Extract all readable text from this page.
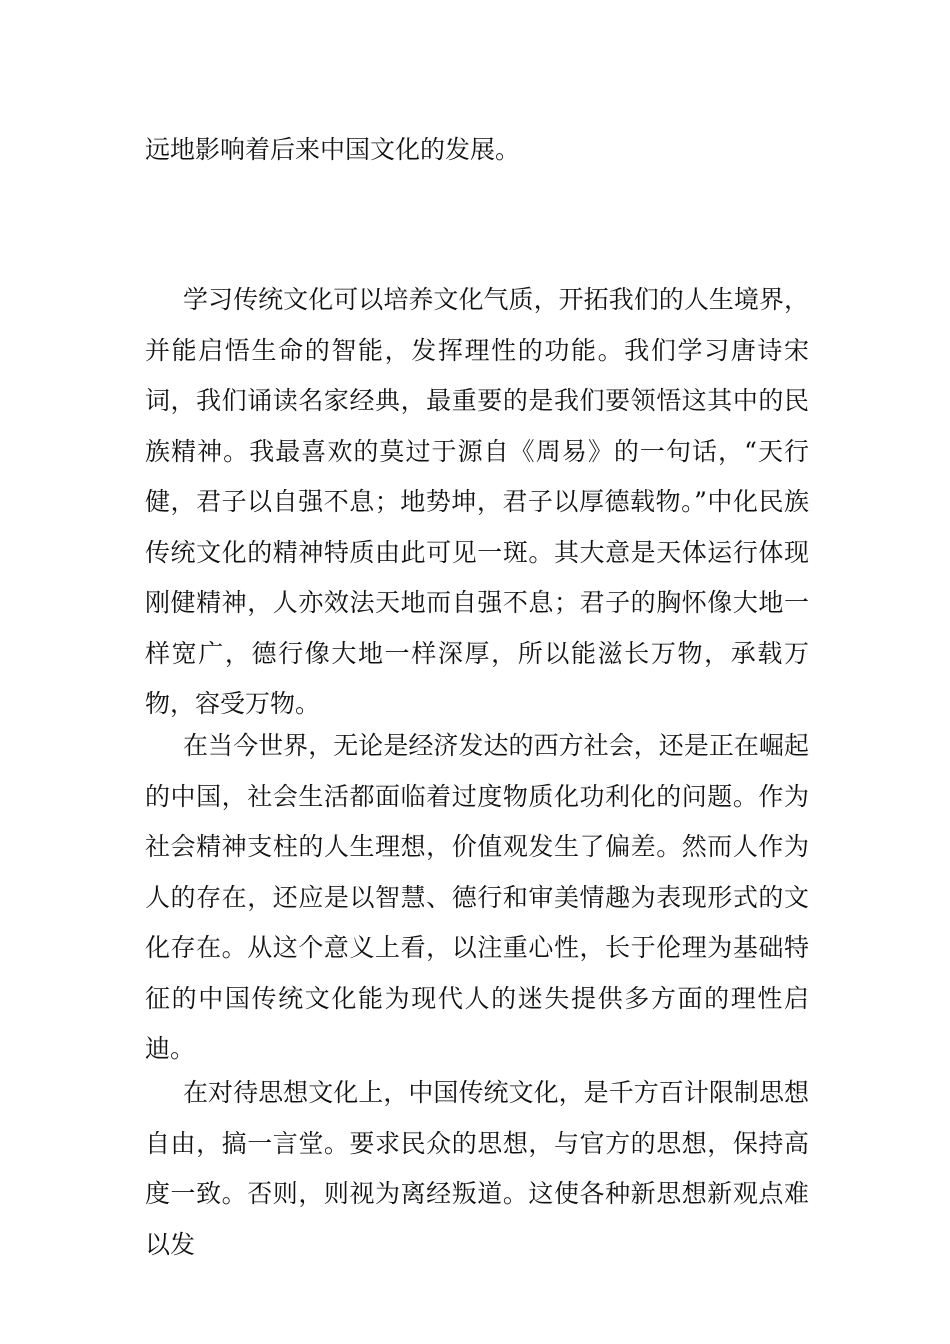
远地影响着后来中国文化的发展。

学习传统文化可以培养文化气质，开拓我们的人生境界，并能启悟生命的智能，发挥理性的功能。我们学习唐诗宋词，我们诵读名家经典，最重要的是我们要领悟这其中的民族精神。我最喜欢的莫过于源自《周易》的一句话，“天行健，君子以自强不息；地势坤，君子以厚德载物。”中化民族传统文化的精神特质由此可见一斑。其大意是天体运行体现刚健精神，人亦效法天地而自强不息；君子的胸怀像大地一样宽广，德行像大地一样深厚，所以能滋长万物，承载万物，容受万物。

在当今世界，无论是经济发达的西方社会，还是正在崛起的中国，社会生活都面临着过度物质化功利化的问题。作为社会精神支柱的人生理想，价值观发生了偏差。然而人作为人的存在，还应是以智慧、德行和审美情趣为表现形式的文化存在。从这个意义上看，以注重心性，长于伦理为基础特征的中国传统文化能为现代人的迷失提供多方面的理性启迪。

在对待思想文化上，中国传统文化，是千方百计限制思想自由，搞一言堂。要求民众的思想，与官方的思想，保持高度一致。否则，则视为离经叛道。这使各种新思想新观点难以发
